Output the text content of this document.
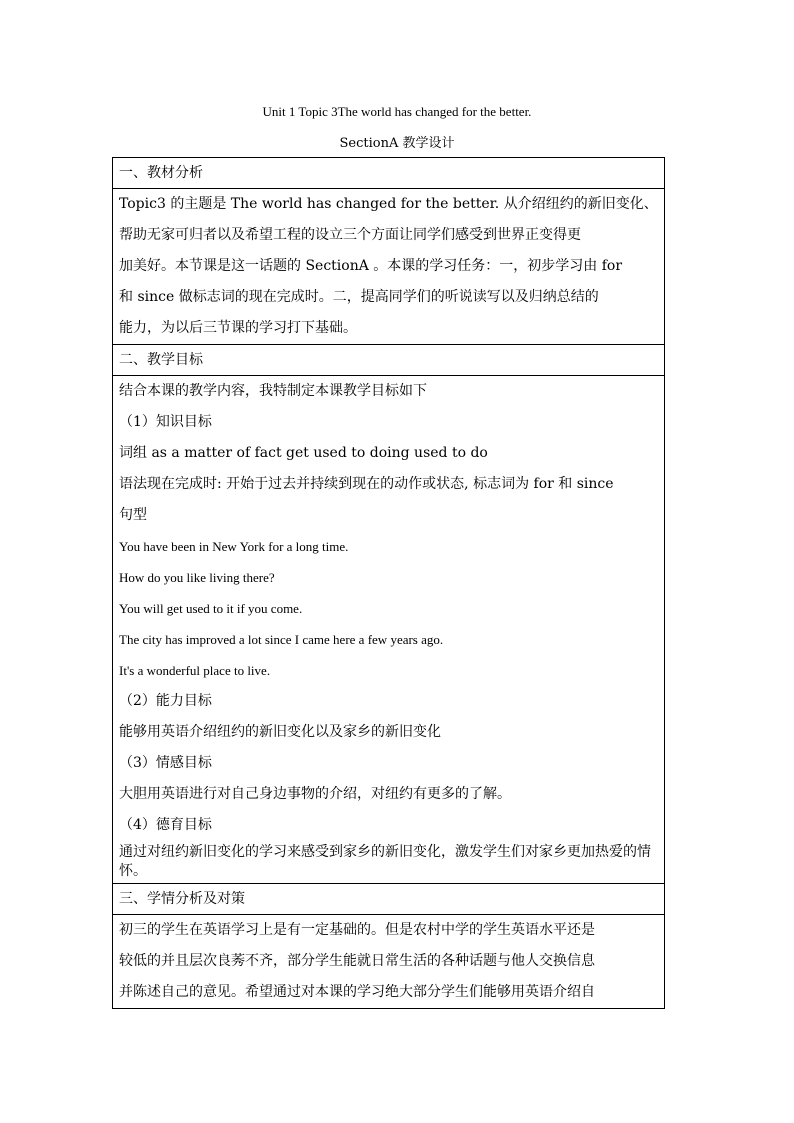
Unit 1 Topic 3The world has changed for the better.
SectionA 教学设计
一、教材分析

Topic3 的主题是 The world has changed for the better. 从介绍纽约的新旧变化、
帮助无家可归者以及希望工程的设立三个方面让同学们感受到世界正变得更
加美好。本节课是这一话题的 SectionA 。本课的学习任务：一，初步学习由 for
和 since 做标志词的现在完成时。二，提高同学们的听说读写以及归纳总结的
能力，为以后三节课的学习打下基础。

二、教学目标

结合本课的教学内容，我特制定本课教学目标如下
（1）知识目标
词组 as a matter of fact get used to doing used to do
语法现在完成时: 开始于过去并持续到现在的动作或状态, 标志词为 for 和 since
句型
You have been in New York for a long time.
How do you like living there?
You will get used to it if you come.
The city has improved a lot since I came here a few years ago.
It's a wonderful place to live.
（2）能力目标
能够用英语介绍纽约的新旧变化以及家乡的新旧变化
（3）情感目标
大胆用英语进行对自己身边事物的介绍，对纽约有更多的了解。
（4）德育目标
通过对纽约新旧变化的学习来感受到家乡的新旧变化，激发学生们对家乡更加热爱的情怀。

三、学情分析及对策

初三的学生在英语学习上是有一定基础的。但是农村中学的学生英语水平还是
较低的并且层次良莠不齐，部分学生能就日常生活的各种话题与他人交换信息
并陈述自己的意见。希望通过对本课的学习绝大部分学生们能够用英语介绍自
